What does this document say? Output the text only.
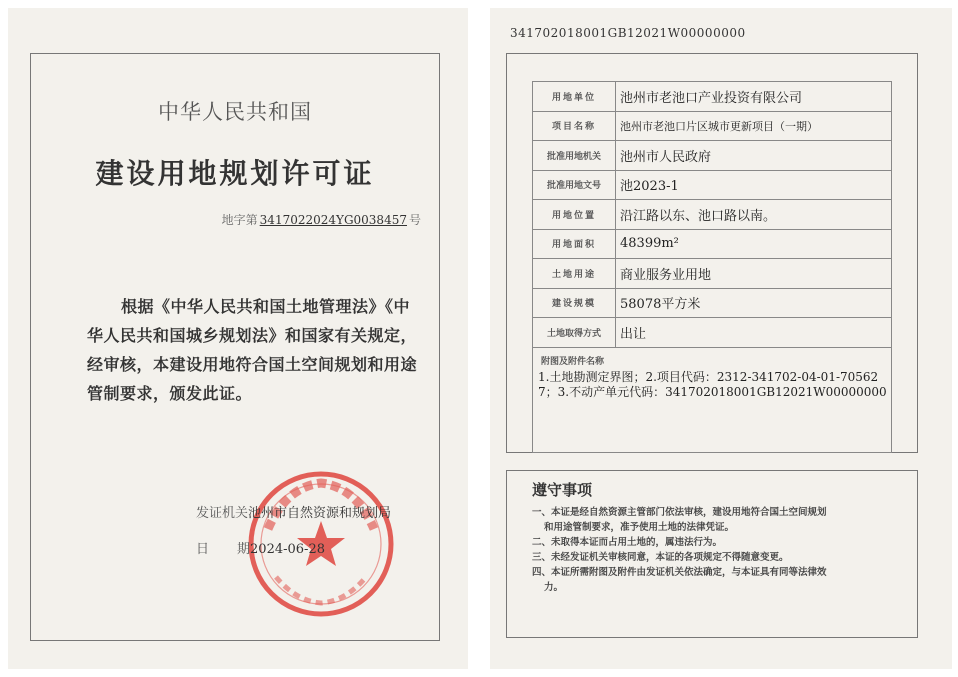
中华人民共和国
建设用地规划许可证
地字第 3417022024YG0038457 号
根据《中华人民共和国土地管理法》《中华人民共和国城乡规划法》和国家有关规定，经审核，本建设用地符合国土空间规划和用途管制要求，颁发此证。
发证机关池州市自然资源和规划局
日 期2024-06-28
341702018001GB12021W00000000
用地单位	池州市老池口产业投资有限公司
项目名称	池州市老池口片区城市更新项目（一期）
批准用地机关	池州市人民政府
批准用地文号	池2023-1
用地位置	沿江路以东、池口路以南。
用地面积	48399m²
土地用途	商业服务业用地
建设规模	58078平方米
土地取得方式	出让
附图及附件名称
1.土地勘测定界图；2.项目代码：2312-341702-04-01-705627；3.不动产单元代码：341702018001GB12021W00000000
遵守事项
一、本证是经自然资源主管部门依法审核，建设用地符合国土空间规划
和用途管制要求，准予使用土地的法律凭证。
二、未取得本证而占用土地的，属违法行为。
三、未经发证机关审核同意，本证的各项规定不得随意变更。
四、本证所需附图及附件由发证机关依法确定，与本证具有同等法律效
力。
